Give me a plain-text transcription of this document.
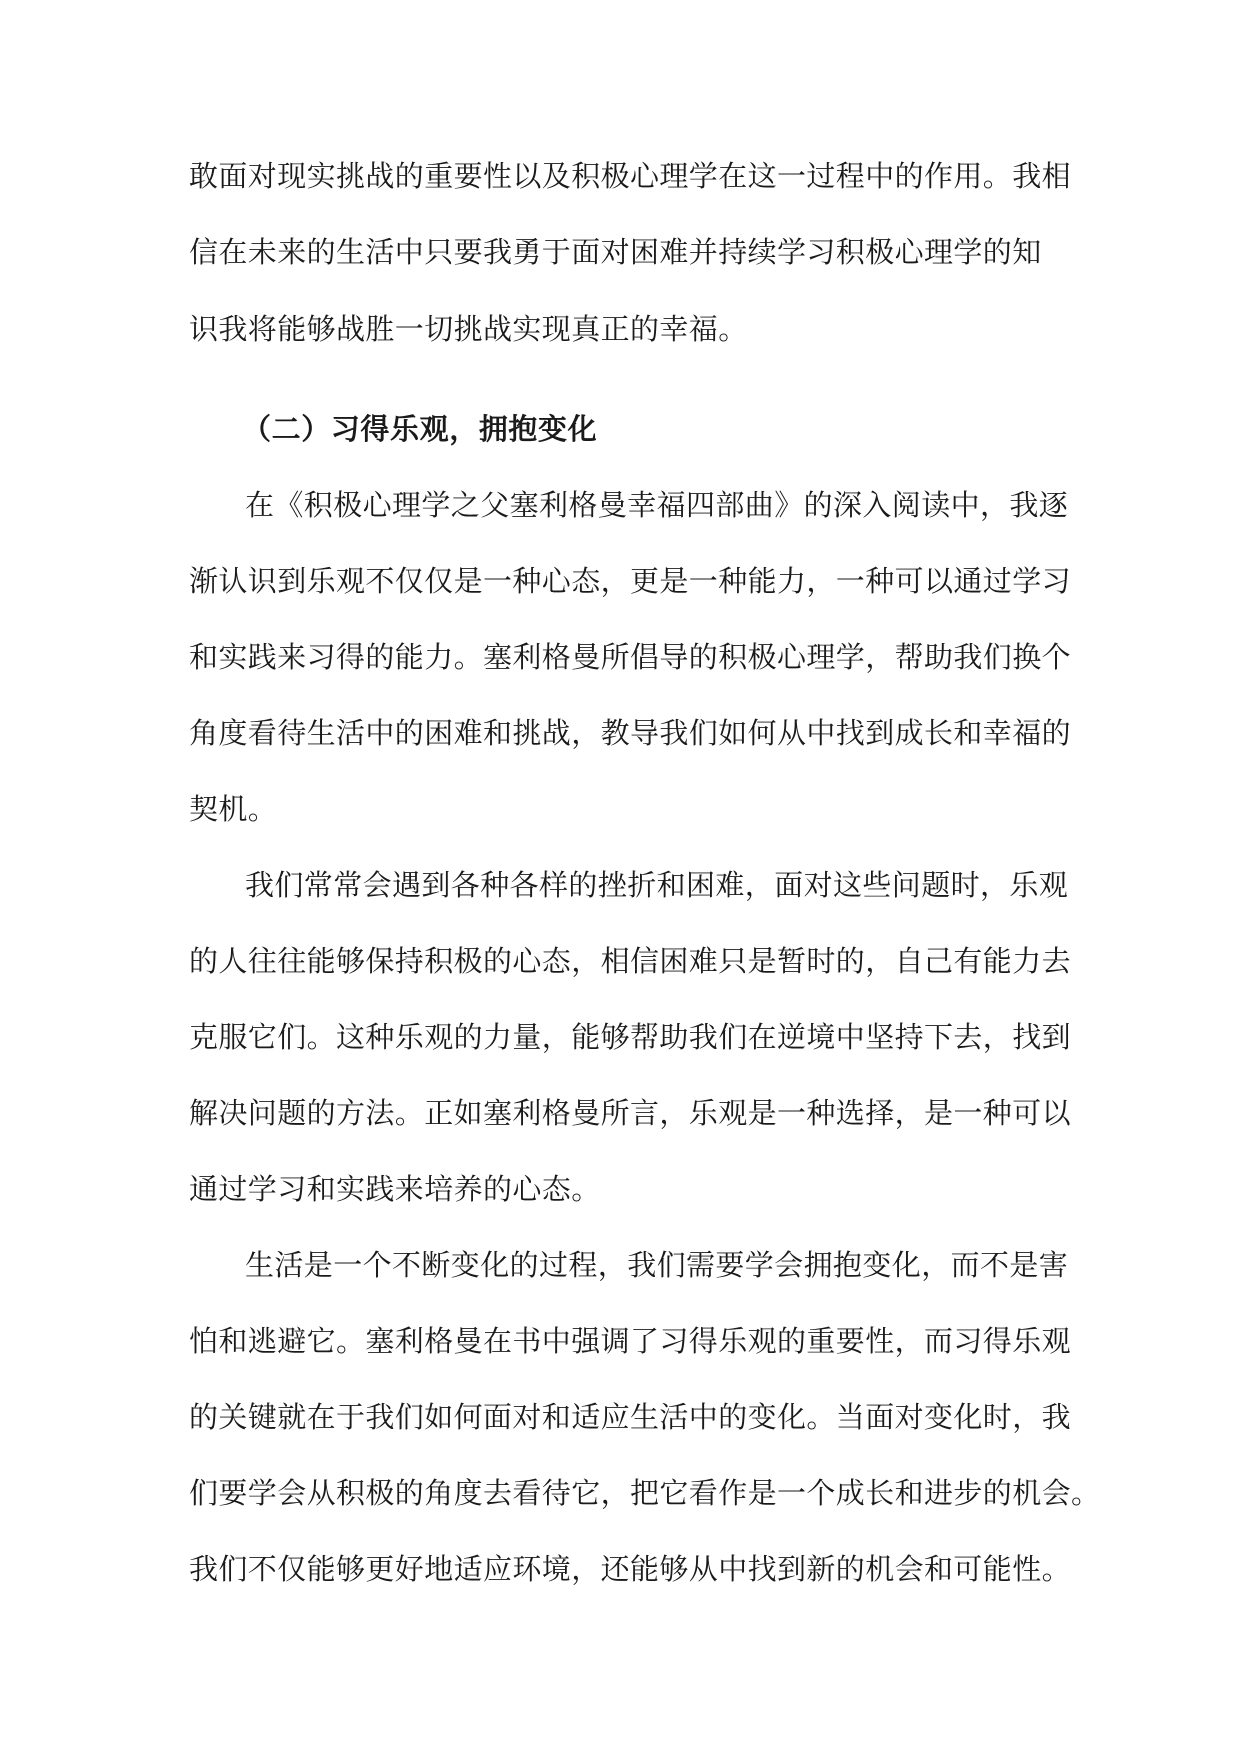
敢面对现实挑战的重要性以及积极心理学在这一过程中的作用。我相
信在未来的生活中只要我勇于面对困难并持续学习积极心理学的知
识我将能够战胜一切挑战实现真正的幸福。
（二）习得乐观，拥抱变化
在《积极心理学之父塞利格曼幸福四部曲》的深入阅读中，我逐
渐认识到乐观不仅仅是一种心态，更是一种能力，一种可以通过学习
和实践来习得的能力。塞利格曼所倡导的积极心理学，帮助我们换个
角度看待生活中的困难和挑战，教导我们如何从中找到成长和幸福的
契机。
我们常常会遇到各种各样的挫折和困难，面对这些问题时，乐观
的人往往能够保持积极的心态，相信困难只是暂时的，自己有能力去
克服它们。这种乐观的力量，能够帮助我们在逆境中坚持下去，找到
解决问题的方法。正如塞利格曼所言，乐观是一种选择，是一种可以
通过学习和实践来培养的心态。
生活是一个不断变化的过程，我们需要学会拥抱变化，而不是害
怕和逃避它。塞利格曼在书中强调了习得乐观的重要性，而习得乐观
的关键就在于我们如何面对和适应生活中的变化。当面对变化时，我
们要学会从积极的角度去看待它，把它看作是一个成长和进步的机会。
我们不仅能够更好地适应环境，还能够从中找到新的机会和可能性。
